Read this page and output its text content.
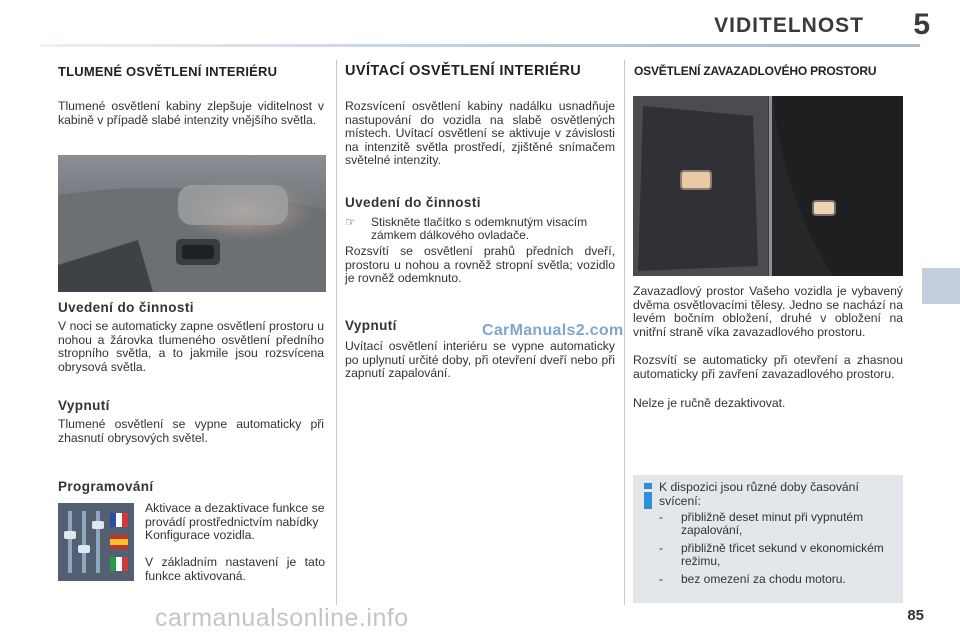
VIDITELNOST 5
TLUMENÉ OSVĚTLENÍ INTERIÉRU

Tlumené osvětlení kabiny zlepšuje viditelnost v kabině v případě slabé intenzity vnějšího světla.

Uvedení do činnosti

V noci se automaticky zapne osvětlení prostoru u nohou a žárovka tlumeného osvětlení předního stropního světla, a to jakmile jsou rozsvícena obrysová světla.

Vypnutí

Tlumené osvětlení se vypne automaticky při zhasnutí obrysových světel.

Programování

Aktivace a dezaktivace funkce se provádí prostřednictvím nabídky Konfigurace vozidla.

V základním nastavení je tato funkce aktivovaná.

UVÍTACÍ OSVĚTLENÍ INTERIÉRU

Rozsvícení osvětlení kabiny nadálku usnadňuje nastupování do vozidla na slabě osvětlených místech. Uvítací osvětlení se aktivuje v závislosti na intenzitě světla prostředí, zjištěné snímačem světelné intenzity.

Uvedení do činnosti
☞	Stiskněte tlačítko s odemknutým visacím zámkem dálkového ovladače.

Rozsvítí se osvětlení prahů předních dveří, prostoru u nohou a rovněž stropní světla; vozidlo je rovněž odemknuto.

Vypnutí	CarManuals2.com

Uvítací osvětlení interiéru se vypne automaticky po uplynutí určité doby, při otevření dveří nebo při zapnutí zapalování.

OSVĚTLENÍ ZAVAZADLOVÉHO PROSTORU

Zavazadlový prostor Vašeho vozidla je vybavený dvěma osvětlovacími tělesy. Jedno se nachází na levém bočním obložení, druhé v obložení na vnitřní straně víka zavazadlového prostoru.

Rozsvítí se automaticky při otevření a zhasnou automaticky při zavření zavazadlového prostoru.

Nelze je ručně dezaktivovat.

K dispozici jsou různé doby časování svícení:

-	přibližně deset minut při vypnutém zapalování,
-	přibližně třicet sekund v ekonomickém režimu,
-	bez omezení za chodu motoru.
85
carmanualsonline.info
